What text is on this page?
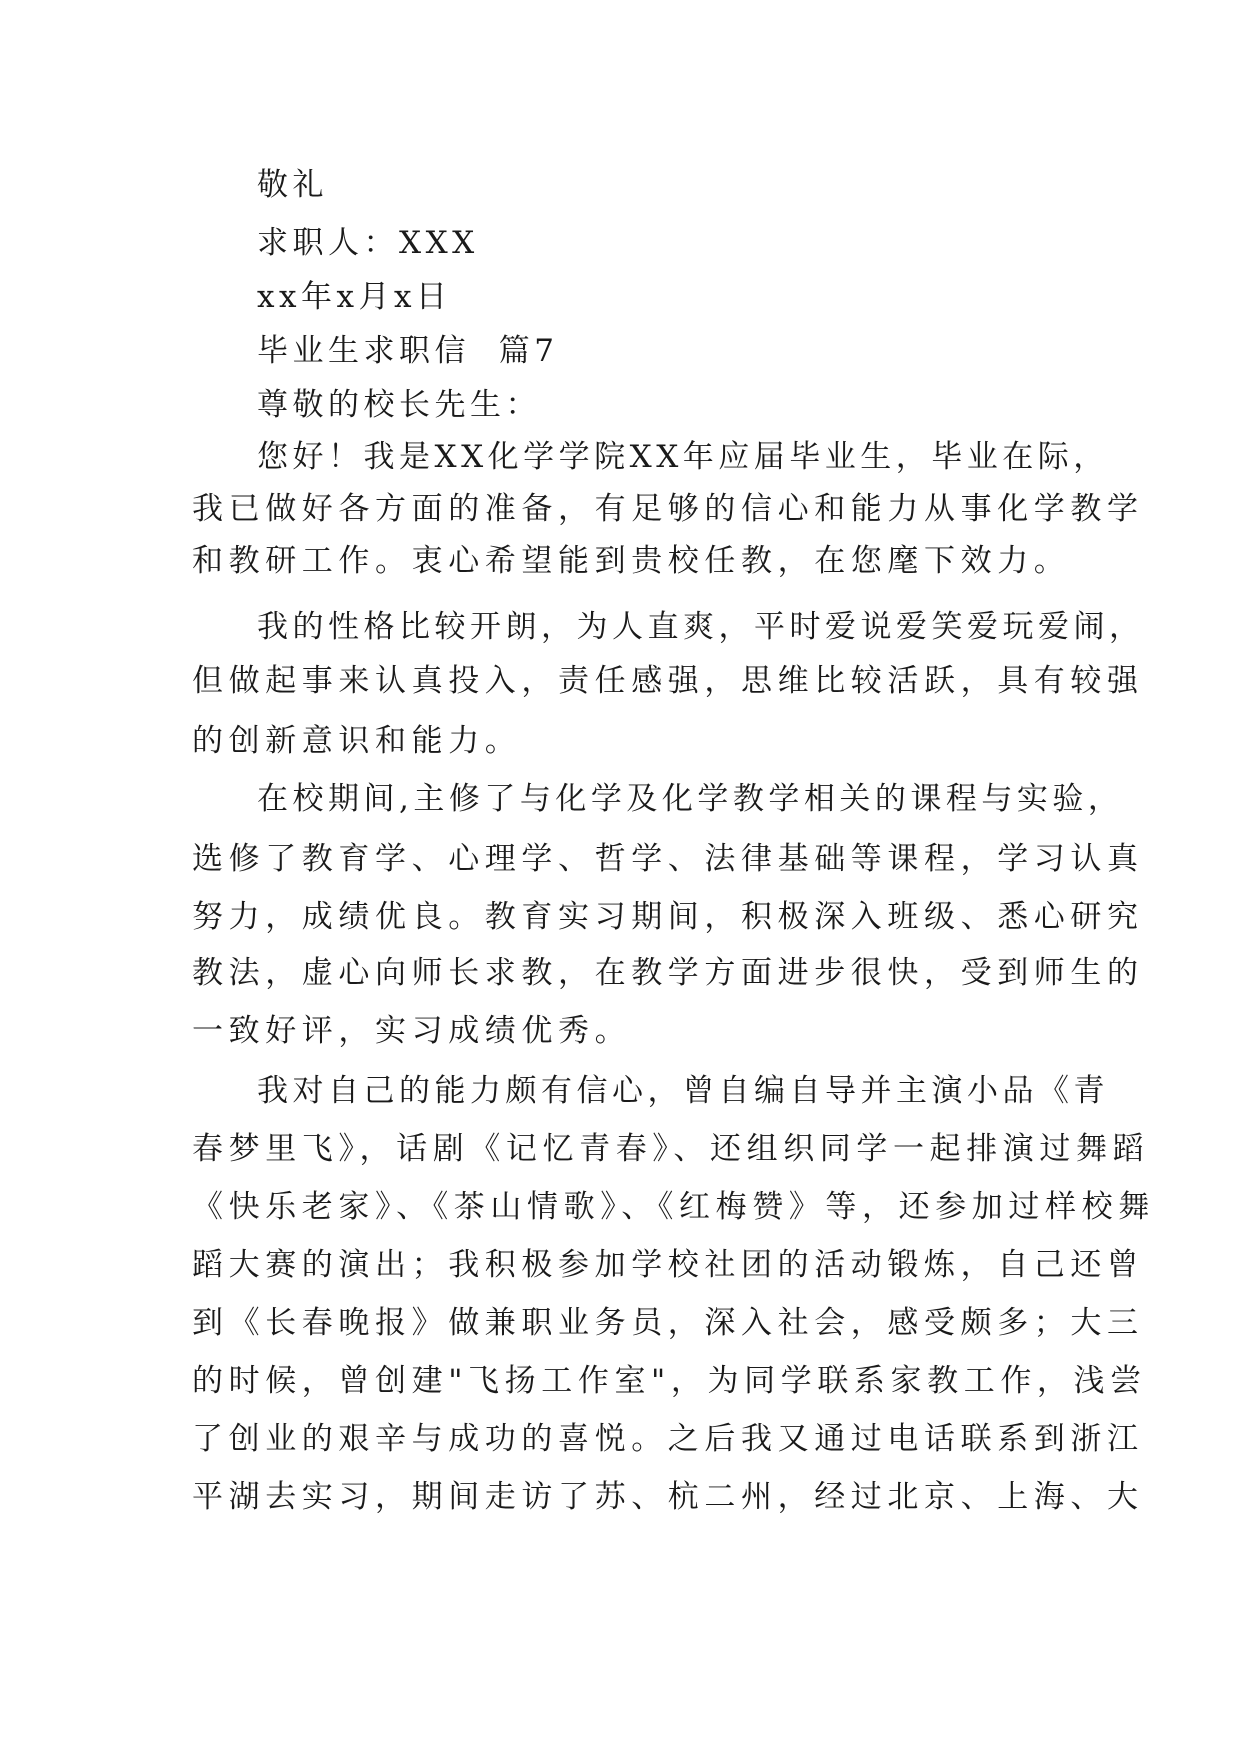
敬礼
求职人：XXX
xx年x月x日
毕业生求职信  篇7
尊敬的校长先生：
您好！我是XX化学学院XX年应届毕业生，毕业在际，
我已做好各方面的准备，有足够的信心和能力从事化学教学
和教研工作。衷心希望能到贵校任教，在您麾下效力。
我的性格比较开朗，为人直爽，平时爱说爱笑爱玩爱闹，
但做起事来认真投入，责任感强，思维比较活跃，具有较强
的创新意识和能力。
在校期间,主修了与化学及化学教学相关的课程与实验，
选修了教育学、心理学、哲学、法律基础等课程，学习认真
努力，成绩优良。教育实习期间，积极深入班级、悉心研究
教法，虚心向师长求教，在教学方面进步很快，受到师生的
一致好评，实习成绩优秀。
我对自己的能力颇有信心，曾自编自导并主演小品《青
春梦里飞》，话剧《记忆青春》、还组织同学一起排演过舞蹈
《快乐老家》、《茶山情歌》、《红梅赞》等，还参加过样校舞
蹈大赛的演出；我积极参加学校社团的活动锻炼，自己还曾
到《长春晚报》做兼职业务员，深入社会，感受颇多；大三
的时候，曾创建"飞扬工作室"，为同学联系家教工作，浅尝
了创业的艰辛与成功的喜悦。之后我又通过电话联系到浙江
平湖去实习，期间走访了苏、杭二州，经过北京、上海、大
